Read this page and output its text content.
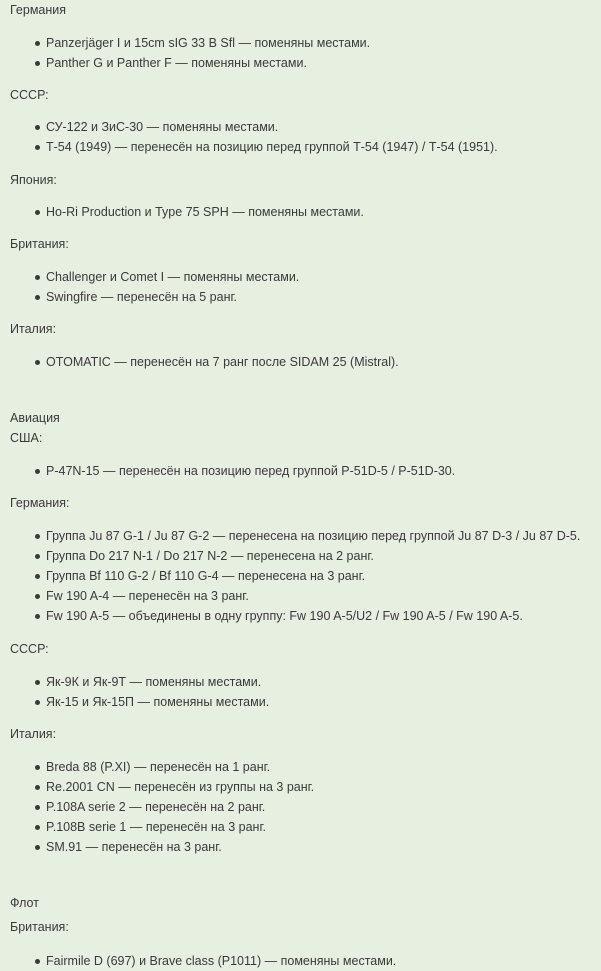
Германия

Panzerjäger I и 15cm sIG 33 B Sfl — поменяны местами.
Panther G и Panther F — поменяны местами.

СССР:

СУ-122 и ЗиС-30 — поменяны местами.
Т-54 (1949) — перенесён на позицию перед группой Т-54 (1947) / Т-54 (1951).

Япония:

Ho-Ri Production и Type 75 SPH — поменяны местами.

Британия:

Challenger и Comet I — поменяны местами.
Swingfire — перенесён на 5 ранг.

Италия:

OTOMATIC — перенесён на 7 ранг после SIDAM 25 (Mistral).

Авиация

США:

P-47N-15 — перенесён на позицию перед группой P-51D-5 / P-51D-30.

Германия:

Группа Ju 87 G-1 / Ju 87 G-2 — перенесена на позицию перед группой Ju 87 D-3 / Ju 87 D-5.
Группа Do 217 N-1 / Do 217 N-2 — перенесена на 2 ранг.
Группа Bf 110 G-2 / Bf 110 G-4 — перенесена на 3 ранг.
Fw 190 A-4 — перенесён на 3 ранг.
Fw 190 A-5 — объединены в одну группу: Fw 190 A-5/U2 / Fw 190 A-5 / Fw 190 A-5.

СССР:

Як-9К и Як-9Т — поменяны местами.
Як-15 и Як-15П — поменяны местами.

Италия:

Breda 88 (P.XI) — перенесён на 1 ранг.
Re.2001 CN — перенесён из группы на 3 ранг.
P.108A serie 2 — перенесён на 2 ранг.
P.108B serie 1 — перенесён на 3 ранг.
SM.91 — перенесён на 3 ранг.

Флот

Британия:

Fairmile D (697) и Brave class (P1011) — поменяны местами.
